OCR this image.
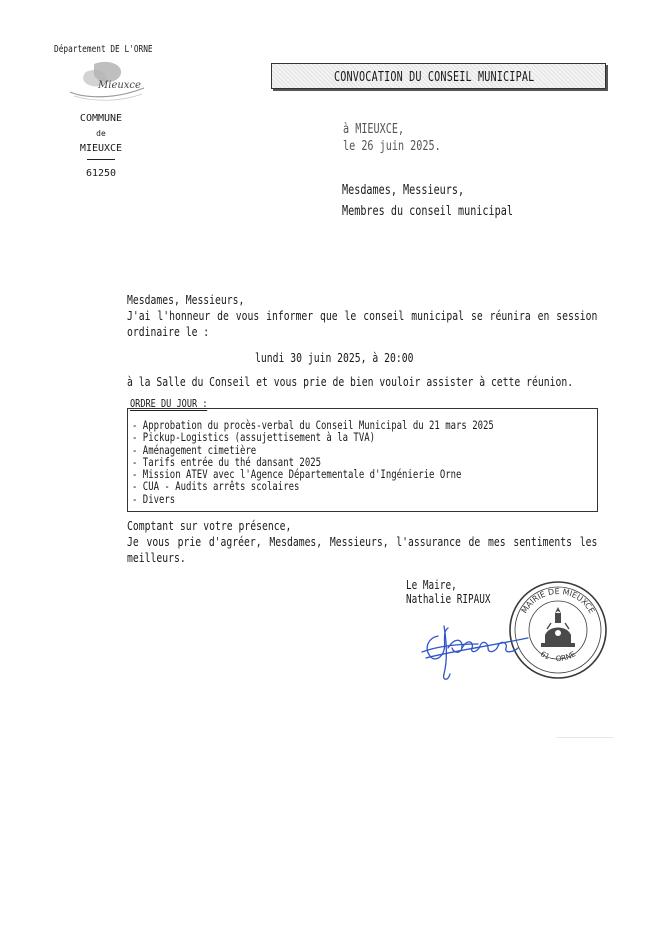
Département DE L'ORNE
Mieuxce
COMMUNE
de
MIEUXCE
61250
CONVOCATION DU CONSEIL MUNICIPAL
à MIEUXCE,
le 26 juin 2025.
Mesdames, Messieurs,
Membres du conseil municipal

Mesdames, Messieurs,

J'ai l'honneur de vous informer que le conseil municipal se réunira en session ordinaire le :

lundi 30 juin 2025, à 20:00

à la Salle du Conseil et vous prie de bien vouloir assister à cette réunion.

ORDRE DU JOUR :
- Approbation du procès-verbal du Conseil Municipal du 21 mars 2025
- Pickup-Logistics (assujettisement à la TVA)
- Aménagement cimetière
- Tarifs entrée du thé dansant 2025
- Mission ATEV avec l'Agence Départementale d'Ingénierie Orne
- CUA - Audits arrêts scolaires
- Divers

Comptant sur votre présence,

Je vous prie d'agréer, Mesdames, Messieurs, l'assurance de mes sentiments les meilleurs.

Le Maire,
Nathalie RIPAUX
MAIRIE DE MIEUXCE
61 - ORNE
